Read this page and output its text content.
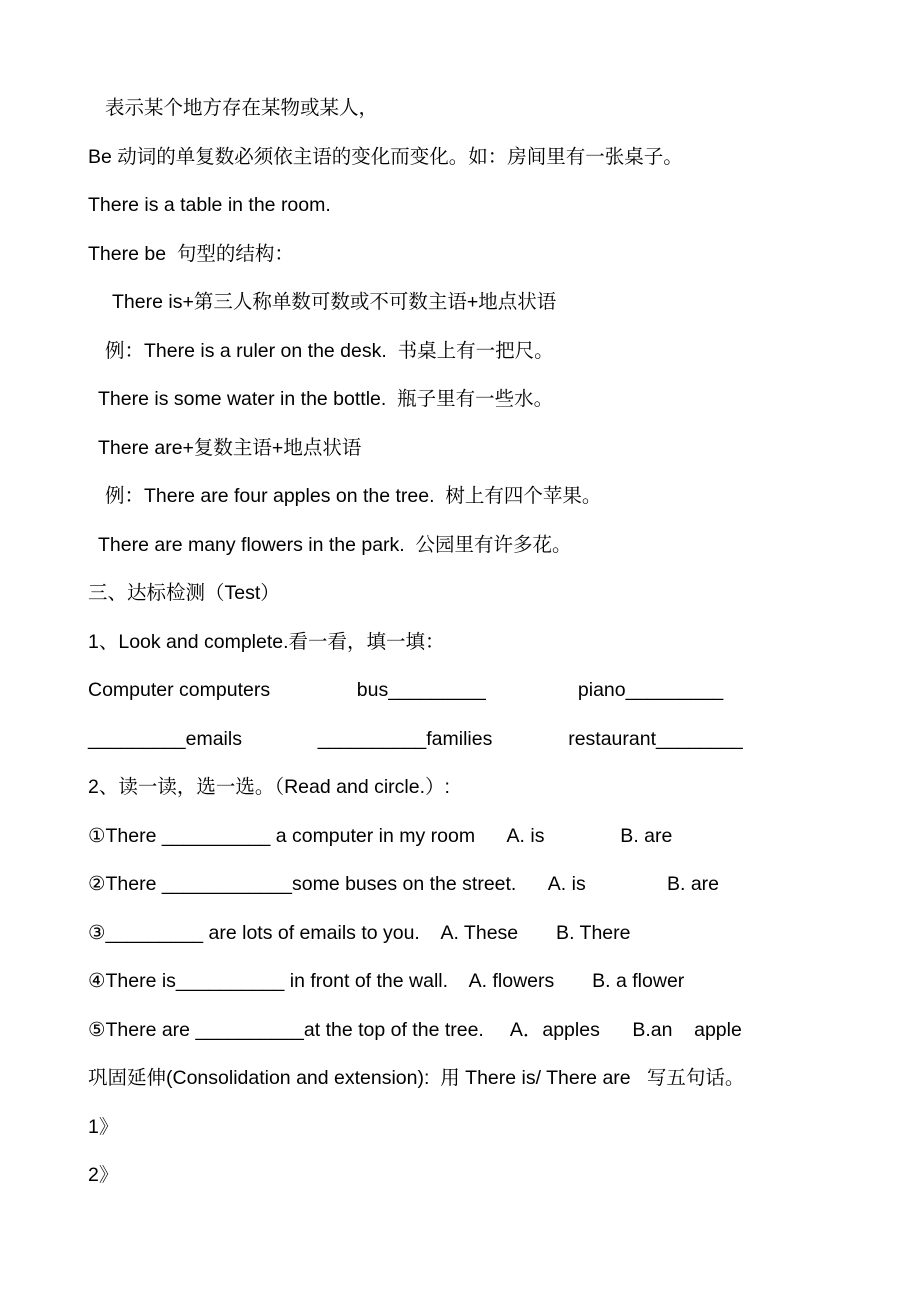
表示某个地方存在某物或某人，
Be 动词的单复数必须依主语的变化而变化。如：房间里有一张桌子。
There is a table in the room.
There be  句型的结构：
There is+第三人称单数可数或不可数主语+地点状语
例：There is a ruler on the desk.  书桌上有一把尺。
There is some water in the bottle.  瓶子里有一些水。
There are+复数主语+地点状语
例：There are four apples on the tree.  树上有四个苹果。
There are many flowers in the park.  公园里有许多花。
三、达标检测（Test）
1、Look and complete.看一看，填一填：
Computer computers                bus_________                 piano_________
_________emails              __________families              restaurant________
2、读一读，选一选。（Read and circle.）:
①There __________ a computer in my room      A. is              B. are
②There ____________some buses on the street.      A. is               B. are
③_________ are lots of emails to you.    A. These       B. There
④There is__________ in front of the wall.    A. flowers       B. a flower
⑤There are __________at the top of the tree.     A．apples      B.an    apple
巩固延伸(Consolidation and extension):  用 There is/ There are   写五句话。
1》
2》
